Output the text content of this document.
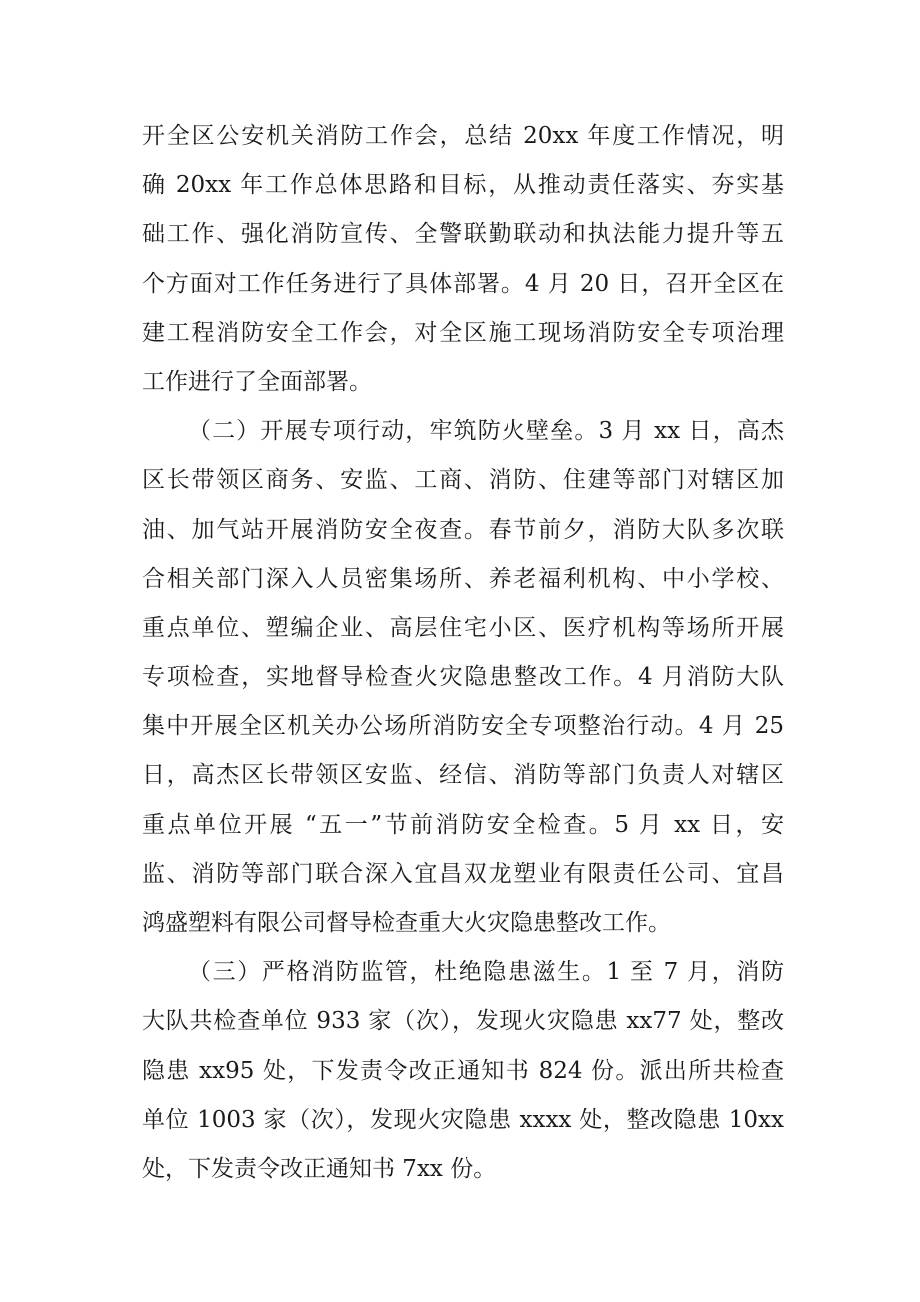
开全区公安机关消防工作会，总结 20xx 年度工作情况，明
确 20xx 年工作总体思路和目标，从推动责任落实、夯实基
础工作、强化消防宣传、全警联勤联动和执法能力提升等五
个方面对工作任务进行了具体部署。4 月 20 日，召开全区在
建工程消防安全工作会，对全区施工现场消防安全专项治理
工作进行了全面部署。
（二）开展专项行动，牢筑防火壁垒。3 月 xx 日，高杰
区长带领区商务、安监、工商、消防、住建等部门对辖区加
油、加气站开展消防安全夜查。春节前夕，消防大队多次联
合相关部门深入人员密集场所、养老福利机构、中小学校、
重点单位、塑编企业、高层住宅小区、医疗机构等场所开展
专项检查，实地督导检查火灾隐患整改工作。4 月消防大队
集中开展全区机关办公场所消防安全专项整治行动。4 月 25
日，高杰区长带领区安监、经信、消防等部门负责人对辖区
重点单位开展 “五一”节前消防安全检查。5 月 xx 日，安
监、消防等部门联合深入宜昌双龙塑业有限责任公司、宜昌
鸿盛塑料有限公司督导检查重大火灾隐患整改工作。
（三）严格消防监管，杜绝隐患滋生。1 至 7 月，消防
大队共检查单位 933 家（次），发现火灾隐患 xx77 处，整改
隐患 xx95 处，下发责令改正通知书 824 份。派出所共检查
单位 1003 家（次），发现火灾隐患 xxxx 处，整改隐患 10xx
处，下发责令改正通知书 7xx 份。
